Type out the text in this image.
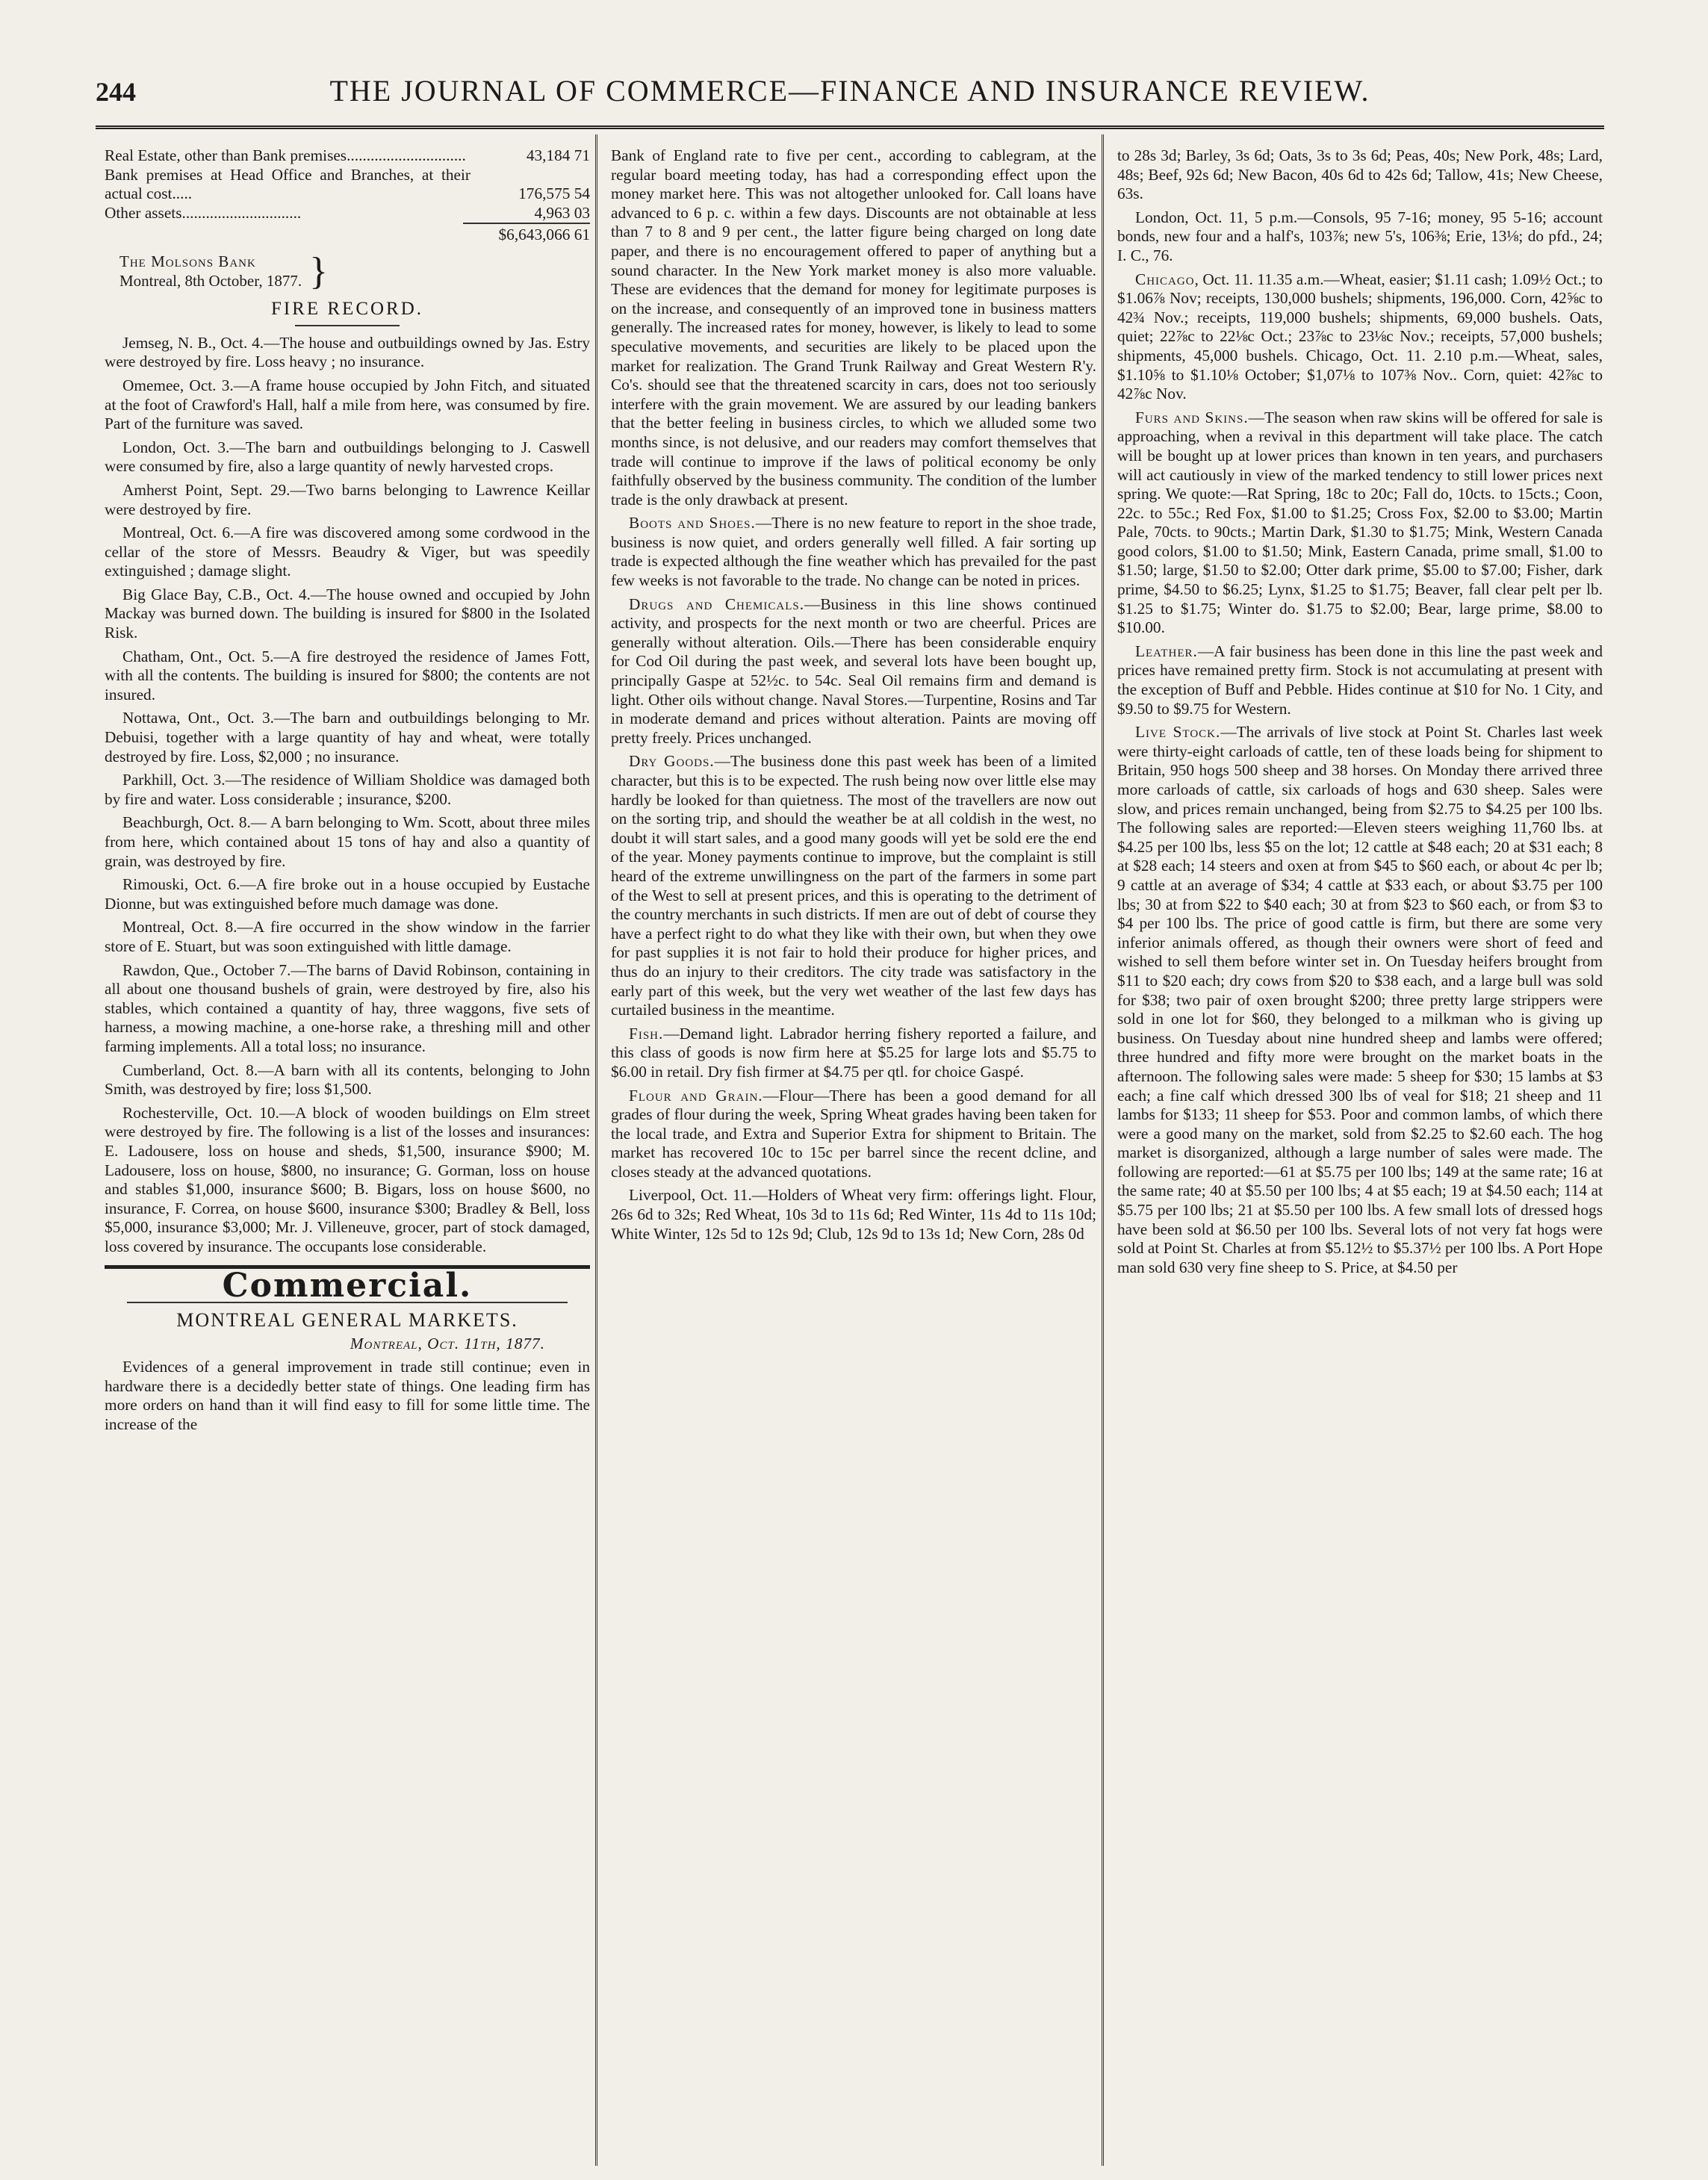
244	THE JOURNAL OF COMMERCE—FINANCE AND INSURANCE REVIEW.
Real Estate, other than Bank premises..............................	43,184 71
Bank premises at Head Office and Branches, at their actual cost.....	176,575 54
Other assets..............................	4,963 03
$6,643,066 61
The Molsons Bank
Montreal, 8th October, 1877. }
FIRE RECORD.

Jemseg, N. B., Oct. 4.—The house and outbuildings owned by Jas. Estry were destroyed by fire. Loss heavy ; no insurance.

Omemee, Oct. 3.—A frame house occupied by John Fitch, and situated at the foot of Crawford's Hall, half a mile from here, was consumed by fire. Part of the furniture was saved.

London, Oct. 3.—The barn and outbuildings belonging to J. Caswell were consumed by fire, also a large quantity of newly harvested crops.

Amherst Point, Sept. 29.—Two barns belonging to Lawrence Keillar were destroyed by fire.

Montreal, Oct. 6.—A fire was discovered among some cordwood in the cellar of the store of Messrs. Beaudry & Viger, but was speedily extinguished ; damage slight.

Big Glace Bay, C.B., Oct. 4.—The house owned and occupied by John Mackay was burned down. The building is insured for $800 in the Isolated Risk.

Chatham, Ont., Oct. 5.—A fire destroyed the residence of James Fott, with all the contents. The building is insured for $800; the contents are not insured.

Nottawa, Ont., Oct. 3.—The barn and outbuildings belonging to Mr. Debuisi, together with a large quantity of hay and wheat, were totally destroyed by fire. Loss, $2,000 ; no insurance.

Parkhill, Oct. 3.—The residence of William Sholdice was damaged both by fire and water. Loss considerable ; insurance, $200.

Beachburgh, Oct. 8.— A barn belonging to Wm. Scott, about three miles from here, which contained about 15 tons of hay and also a quantity of grain, was destroyed by fire.

Rimouski, Oct. 6.—A fire broke out in a house occupied by Eustache Dionne, but was extinguished before much damage was done.

Montreal, Oct. 8.—A fire occurred in the show window in the farrier store of E. Stuart, but was soon extinguished with little damage.

Rawdon, Que., October 7.—The barns of David Robinson, containing in all about one thousand bushels of grain, were destroyed by fire, also his stables, which contained a quantity of hay, three waggons, five sets of harness, a mowing machine, a one-horse rake, a threshing mill and other farming implements. All a total loss; no insurance.

Cumberland, Oct. 8.—A barn with all its contents, belonging to John Smith, was destroyed by fire; loss $1,500.

Rochesterville, Oct. 10.—A block of wooden buildings on Elm street were destroyed by fire. The following is a list of the losses and insurances: E. Ladousere, loss on house and sheds, $1,500, insurance $900; M. Ladousere, loss on house, $800, no insurance; G. Gorman, loss on house and stables $1,000, insurance $600; B. Bigars, loss on house $600, no insurance, F. Correa, on house $600, insurance $300; Bradley & Bell, loss $5,000, insurance $3,000; Mr. J. Villeneuve, grocer, part of stock damaged, loss covered by insurance. The occupants lose considerable.

Commercial.
MONTREAL GENERAL MARKETS.
Montreal, Oct. 11th, 1877.

Evidences of a general improvement in trade still continue; even in hardware there is a decidedly better state of things. One leading firm has more orders on hand than it will find easy to fill for some little time. The increase of the

Bank of England rate to five per cent., according to cablegram, at the regular board meeting today, has had a corresponding effect upon the money market here. This was not altogether unlooked for. Call loans have advanced to 6 p. c. within a few days. Discounts are not obtainable at less than 7 to 8 and 9 per cent., the latter figure being charged on long date paper, and there is no encouragement offered to paper of anything but a sound character. In the New York market money is also more valuable. These are evidences that the demand for money for legitimate purposes is on the increase, and consequently of an improved tone in business matters generally. The increased rates for money, however, is likely to lead to some speculative movements, and securities are likely to be placed upon the market for realization. The Grand Trunk Railway and Great Western R'y. Co's. should see that the threatened scarcity in cars, does not too seriously interfere with the grain movement. We are assured by our leading bankers that the better feeling in business circles, to which we alluded some two months since, is not delusive, and our readers may comfort themselves that trade will continue to improve if the laws of political economy be only faithfully observed by the business community. The condition of the lumber trade is the only drawback at present.

Boots and Shoes.—There is no new feature to report in the shoe trade, business is now quiet, and orders generally well filled. A fair sorting up trade is expected although the fine weather which has prevailed for the past few weeks is not favorable to the trade. No change can be noted in prices.

Drugs and Chemicals.—Business in this line shows continued activity, and prospects for the next month or two are cheerful. Prices are generally without alteration. Oils.—There has been considerable enquiry for Cod Oil during the past week, and several lots have been bought up, principally Gaspe at 52½c. to 54c. Seal Oil remains firm and demand is light. Other oils without change. Naval Stores.—Turpentine, Rosins and Tar in moderate demand and prices without alteration. Paints are moving off pretty freely. Prices unchanged.

Dry Goods.—The business done this past week has been of a limited character, but this is to be expected. The rush being now over little else may hardly be looked for than quietness. The most of the travellers are now out on the sorting trip, and should the weather be at all coldish in the west, no doubt it will start sales, and a good many goods will yet be sold ere the end of the year. Money payments continue to improve, but the complaint is still heard of the extreme unwillingness on the part of the farmers in some part of the West to sell at present prices, and this is operating to the detriment of the country merchants in such districts. If men are out of debt of course they have a perfect right to do what they like with their own, but when they owe for past supplies it is not fair to hold their produce for higher prices, and thus do an injury to their creditors. The city trade was satisfactory in the early part of this week, but the very wet weather of the last few days has curtailed business in the meantime.

Fish.—Demand light. Labrador herring fishery reported a failure, and this class of goods is now firm here at $5.25 for large lots and $5.75 to $6.00 in retail. Dry fish firmer at $4.75 per qtl. for choice Gaspé.

Flour and Grain.—Flour—There has been a good demand for all grades of flour during the week, Spring Wheat grades having been taken for the local trade, and Extra and Superior Extra for shipment to Britain. The market has recovered 10c to 15c per barrel since the recent dcline, and closes steady at the advanced quotations.

Liverpool, Oct. 11.—Holders of Wheat very firm: offerings light. Flour, 26s 6d to 32s; Red Wheat, 10s 3d to 11s 6d; Red Winter, 11s 4d to 11s 10d; White Winter, 12s 5d to 12s 9d; Club, 12s 9d to 13s 1d; New Corn, 28s 0d

to 28s 3d; Barley, 3s 6d; Oats, 3s to 3s 6d; Peas, 40s; New Pork, 48s; Lard, 48s; Beef, 92s 6d; New Bacon, 40s 6d to 42s 6d; Tallow, 41s; New Cheese, 63s.

London, Oct. 11, 5 p.m.—Consols, 95 7-16; money, 95 5-16; account bonds, new four and a half's, 103⅞; new 5's, 106⅜; Erie, 13⅛; do pfd., 24; I. C., 76.

Chicago, Oct. 11. 11.35 a.m.—Wheat, easier; $1.11 cash; 1.09½ Oct.; to $1.06⅞ Nov; receipts, 130,000 bushels; shipments, 196,000. Corn, 42⅝c to 42¾ Nov.; receipts, 119,000 bushels; shipments, 69,000 bushels. Oats, quiet; 22⅞c to 22⅛c Oct.; 23⅞c to 23⅛c Nov.; receipts, 57,000 bushels; shipments, 45,000 bushels. Chicago, Oct. 11. 2.10 p.m.—Wheat, sales, $1.10⅝ to $1.10⅛ October; $1,07⅛ to 107⅜ Nov.. Corn, quiet: 42⅞c to 42⅞c Nov.

Furs and Skins.—The season when raw skins will be offered for sale is approaching, when a revival in this department will take place. The catch will be bought up at lower prices than known in ten years, and purchasers will act cautiously in view of the marked tendency to still lower prices next spring. We quote:—Rat Spring, 18c to 20c; Fall do, 10cts. to 15cts.; Coon, 22c. to 55c.; Red Fox, $1.00 to $1.25; Cross Fox, $2.00 to $3.00; Martin Pale, 70cts. to 90cts.; Martin Dark, $1.30 to $1.75; Mink, Western Canada good colors, $1.00 to $1.50; Mink, Eastern Canada, prime small, $1.00 to $1.50; large, $1.50 to $2.00; Otter dark prime, $5.00 to $7.00; Fisher, dark prime, $4.50 to $6.25; Lynx, $1.25 to $1.75; Beaver, fall clear pelt per lb. $1.25 to $1.75; Winter do. $1.75 to $2.00; Bear, large prime, $8.00 to $10.00.

Leather.—A fair business has been done in this line the past week and prices have remained pretty firm. Stock is not accumulating at present with the exception of Buff and Pebble. Hides continue at $10 for No. 1 City, and $9.50 to $9.75 for Western.

Live Stock.—The arrivals of live stock at Point St. Charles last week were thirty-eight carloads of cattle, ten of these loads being for shipment to Britain, 950 hogs 500 sheep and 38 horses. On Monday there arrived three more carloads of cattle, six carloads of hogs and 630 sheep. Sales were slow, and prices remain unchanged, being from $2.75 to $4.25 per 100 lbs. The following sales are reported:—Eleven steers weighing 11,760 lbs. at $4.25 per 100 lbs, less $5 on the lot; 12 cattle at $48 each; 20 at $31 each; 8 at $28 each; 14 steers and oxen at from $45 to $60 each, or about 4c per lb; 9 cattle at an average of $34; 4 cattle at $33 each, or about $3.75 per 100 lbs; 30 at from $22 to $40 each; 30 at from $23 to $60 each, or from $3 to $4 per 100 lbs. The price of good cattle is firm, but there are some very inferior animals offered, as though their owners were short of feed and wished to sell them before winter set in. On Tuesday heifers brought from $11 to $20 each; dry cows from $20 to $38 each, and a large bull was sold for $38; two pair of oxen brought $200; three pretty large strippers were sold in one lot for $60, they belonged to a milkman who is giving up business. On Tuesday about nine hundred sheep and lambs were offered; three hundred and fifty more were brought on the market boats in the afternoon. The following sales were made: 5 sheep for $30; 15 lambs at $3 each; a fine calf which dressed 300 lbs of veal for $18; 21 sheep and 11 lambs for $133; 11 sheep for $53. Poor and common lambs, of which there were a good many on the market, sold from $2.25 to $2.60 each. The hog market is disorganized, although a large number of sales were made. The following are reported:—61 at $5.75 per 100 lbs; 149 at the same rate; 16 at the same rate; 40 at $5.50 per 100 lbs; 4 at $5 each; 19 at $4.50 each; 114 at $5.75 per 100 lbs; 21 at $5.50 per 100 lbs. A few small lots of dressed hogs have been sold at $6.50 per 100 lbs. Several lots of not very fat hogs were sold at Point St. Charles at from $5.12½ to $5.37½ per 100 lbs. A Port Hope man sold 630 very fine sheep to S. Price, at $4.50 per
